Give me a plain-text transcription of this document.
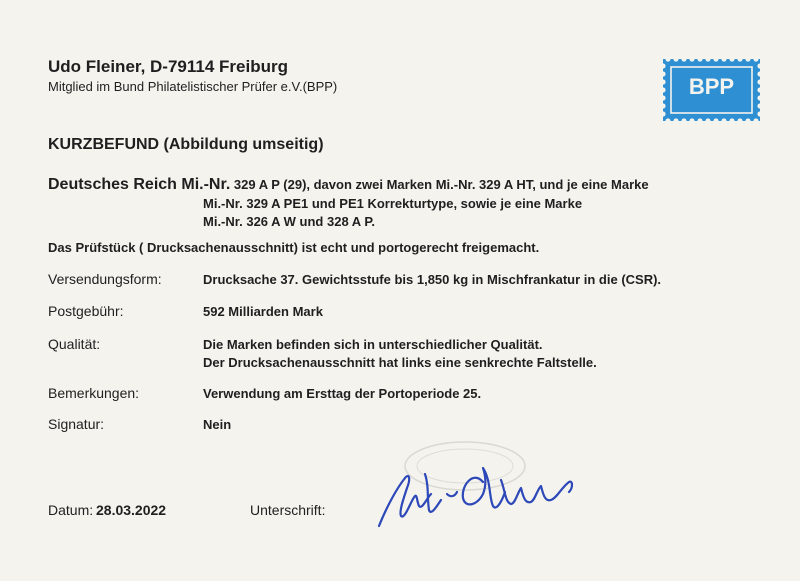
Udo Fleiner, D-79114 Freiburg
Mitglied im Bund Philatelistischer Prüfer e.V.(BPP)	BPP
KURZBEFUND (Abbildung umseitig)
Deutsches Reich Mi.-Nr. 329 A P (29), davon zwei Marken Mi.-Nr. 329 A HT, und je eine Marke
Mi.-Nr. 329 A PE1 und PE1 Korrekturtype, sowie je eine Marke
Mi.-Nr. 326 A W und 328 A P.
Das Prüfstück ( Drucksachenausschnitt) ist echt und portogerecht freigemacht.
Versendungsform:	Drucksache 37. Gewichtsstufe bis 1,850 kg in Mischfrankatur in die (CSR).
Postgebühr:	592 Milliarden Mark
Qualität:	Die Marken befinden sich in unterschiedlicher Qualität.
Der Drucksachenausschnitt hat links eine senkrechte Faltstelle.
Bemerkungen:	Verwendung am Ersttag der Portoperiode 25.
Signatur:	Nein
Datum: 28.03.2022	Unterschrift:
